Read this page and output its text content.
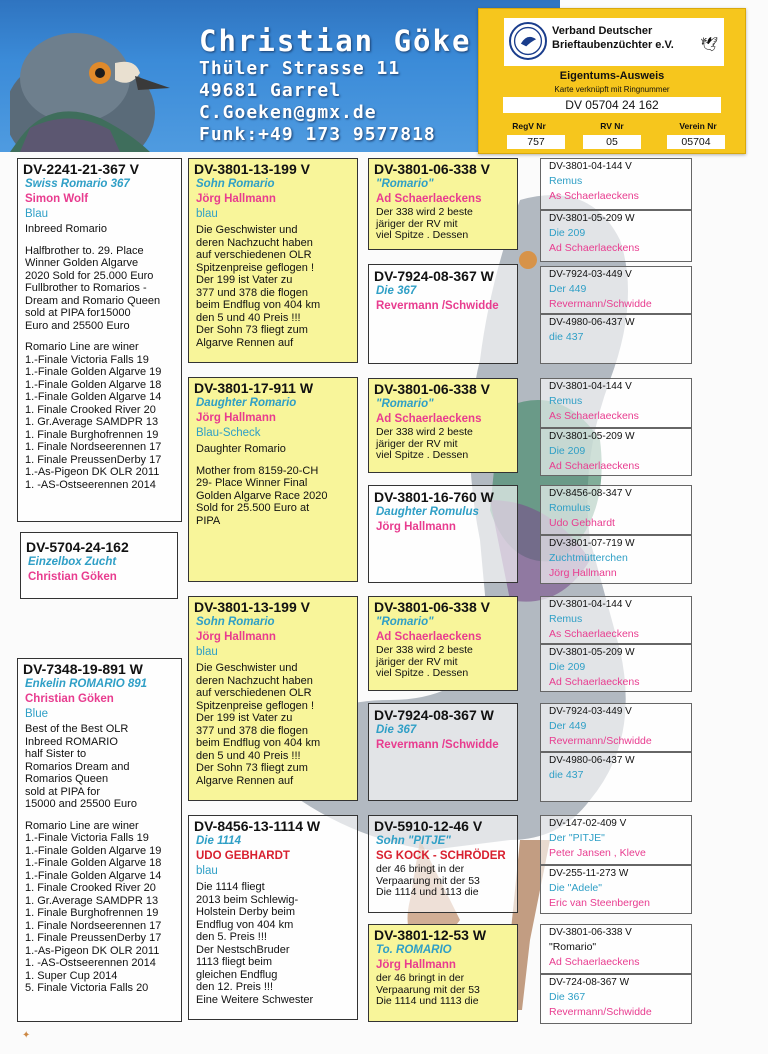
Christian Göke
Thüler Strasse 11
49681 Garrel
C.Goeken@gmx.de
Funk:+49 173 9577818
Verband Deutscher
Brieftaubenzüchter e.V. 🕊
Eigentums-Ausweis
Karte verknüpft mit Ringnummer
DV 05704 24 162
RegV Nr	RV Nr	Verein Nr
757	05	05704
DV-2241-21-367 V
Swiss Romario 367
Simon Wolf
Blau
Inbreed Romario
Halfbrother to. 29. Place
Winner Golden Algarve
2020 Sold for 25.000 Euro
Fullbrother to Romarios -
Dream and Romario Queen
sold at PIPA for15000
Euro and 25500 Euro
Romario Line are winer
1.-Finale Victoria Falls 19
1.-Finale Golden Algarve 19
1.-Finale Golden Algarve 18
1.-Finale Golden Algarve 14
1. Finale Crooked River 20
1. Gr.Average SAMDPR 13
1. Finale Burghofrennen 19
1. Finale Nordseerennen 17
1. Finale PreussenDerby 17
1.-As-Pigeon DK OLR 2011
1. -AS-Ostseerennen 2014
DV-5704-24-162
Einzelbox Zucht
Christian Göken
DV-7348-19-891 W
Enkelin ROMARIO 891
Christian Göken
Blue
Best of the Best OLR
Inbreed ROMARIO
half Sister to
Romarios Dream and
Romarios Queen
sold at PIPA for
15000 and 25500 Euro
Romario Line are winer
1.-Finale Victoria Falls 19
1.-Finale Golden Algarve 19
1.-Finale Golden Algarve 18
1.-Finale Golden Algarve 14
1. Finale Crooked River 20
1. Gr.Average SAMDPR 13
1. Finale Burghofrennen 19
1. Finale Nordseerennen 17
1. Finale PreussenDerby 17
1.-As-Pigeon DK OLR 2011
1. -AS-Ostseerennen 2014
1. Super Cup 2014
5. Finale Victoria Falls 20
DV-3801-13-199 V
Sohn Romario
Jörg Hallmann
blau
Die Geschwister und
deren Nachzucht haben
auf verschiedenen OLR
Spitzenpreise geflogen !
Der 199 ist Vater zu
377 und 378 die flogen
beim Endflug von 404 km
den 5 und 40 Preis !!!
Der Sohn 73 fliegt zum
Algarve Rennen auf
DV-3801-17-911 W
Daughter Romario
Jörg Hallmann
Blau-Scheck
Daughter Romario
Mother from 8159-20-CH
29- Place Winner Final
Golden Algarve Race 2020
Sold for 25.500 Euro at
PIPA
DV-3801-13-199 V
Sohn Romario
Jörg Hallmann
blau
Die Geschwister und
deren Nachzucht haben
auf verschiedenen OLR
Spitzenpreise geflogen !
Der 199 ist Vater zu
377 und 378 die flogen
beim Endflug von 404 km
den 5 und 40 Preis !!!
Der Sohn 73 fliegt zum
Algarve Rennen auf
DV-8456-13-1114 W
Die 1114
UDO GEBHARDT
blau
Die 1114 fliegt
2013 beim Schlewig-
Holstein Derby beim
Endflug von 404 km
den 5. Preis !!!
Der NestschBruder
1113 fliegt beim
gleichen Endflug
den 12. Preis !!!
Eine Weitere Schwester
DV-3801-06-338 V
"Romario"
Ad Schaerlaeckens
Der 338 wird 2 beste
järiger der RV mit
viel Spitze . Dessen
DV-7924-08-367 W
Die 367
Revermann /Schwidde
DV-3801-06-338 V
"Romario"
Ad Schaerlaeckens
Der 338 wird 2 beste
järiger der RV mit
viel Spitze . Dessen
DV-3801-16-760 W
Daughter Romulus
Jörg Hallmann
DV-3801-06-338 V
"Romario"
Ad Schaerlaeckens
Der 338 wird 2 beste
järiger der RV mit
viel Spitze . Dessen
DV-7924-08-367 W
Die 367
Revermann /Schwidde
DV-5910-12-46 V
Sohn "PITJE"
SG KOCK - SCHRÖDER
der 46 bringt in der
Verpaarung mit der 53
Die 1114 und 1113 die
DV-3801-12-53 W
To. ROMARIO
Jörg Hallmann
der 46 bringt in der
Verpaarung mit der 53
Die 1114 und 1113 die
DV-3801-04-144 V
Remus
As Schaerlaeckens
DV-3801-05-209 W
Die 209
Ad Schaerlaeckens
DV-7924-03-449 V
Der 449
Revermann/Schwidde
DV-4980-06-437 W
die 437
DV-3801-04-144 V
Remus
As Schaerlaeckens
DV-3801-05-209 W
Die 209
Ad Schaerlaeckens
DV-8456-08-347 V
Romulus
Udo Gebhardt
DV-3801-07-719 W
Zuchtmütterchen
Jörg Hallmann
DV-3801-04-144 V
Remus
As Schaerlaeckens
DV-3801-05-209 W
Die 209
Ad Schaerlaeckens
DV-7924-03-449 V
Der 449
Revermann/Schwidde
DV-4980-06-437 W
die 437
DV-147-02-409 V
Der "PITJE"
Peter Jansen , Kleve
DV-255-11-273 W
Die "Adele"
Eric van Steenbergen
DV-3801-06-338 V
"Romario"
Ad Schaerlaeckens
DV-724-08-367 W
Die 367
Revermann/Schwidde
✦
